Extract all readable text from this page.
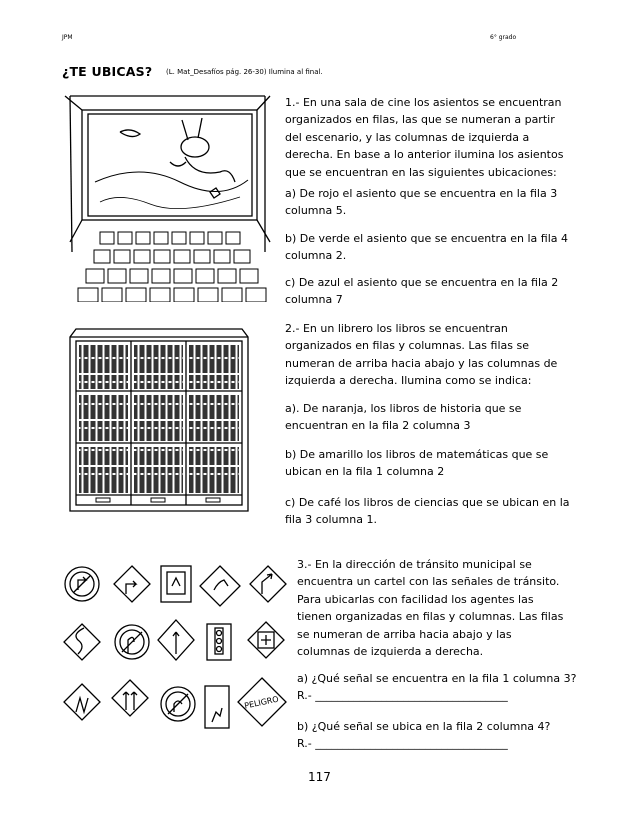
JPM	6° grado
¿TE UBICAS? (L. Mat_Desafíos pág. 26-30) Ilumina al final.
PELIGRO
1.- En una sala de cine los asientos se encuentran organizados en filas, las que se numeran a partir del escenario, y las columnas de izquierda a derecha. En base a lo anterior ilumina los asientos que se encuentran en las siguientes ubicaciones:
a) De rojo el asiento que se encuentra en la fila 3 columna 5.
b) De verde el asiento que se encuentra en la fila 4 columna 2.
c) De azul el asiento que se encuentra en la fila 2 columna 7
2.- En un librero los libros se encuentran organizados en filas y columnas. Las filas se numeran de arriba hacia abajo y las columnas de izquierda a derecha. Ilumina como se indica:
a). De naranja, los libros de historia que se encuentran en la fila 2 columna 3
b) De amarillo los libros de matemáticas que se ubican en la fila 1 columna 2
c) De café los libros de ciencias que se ubican en la fila 3 columna 1.
3.- En la dirección de tránsito municipal se encuentra un cartel con las señales de tránsito. Para ubicarlas con facilidad los agentes las tienen organizadas en filas y columnas. Las filas se numeran de arriba hacia abajo y las columnas de izquierda a derecha.
a) ¿Qué señal se encuentra en la fila 1 columna 3?
R.- ___________________________________
b) ¿Qué señal se ubica en la fila 2 columna 4?
R.- ___________________________________
117
